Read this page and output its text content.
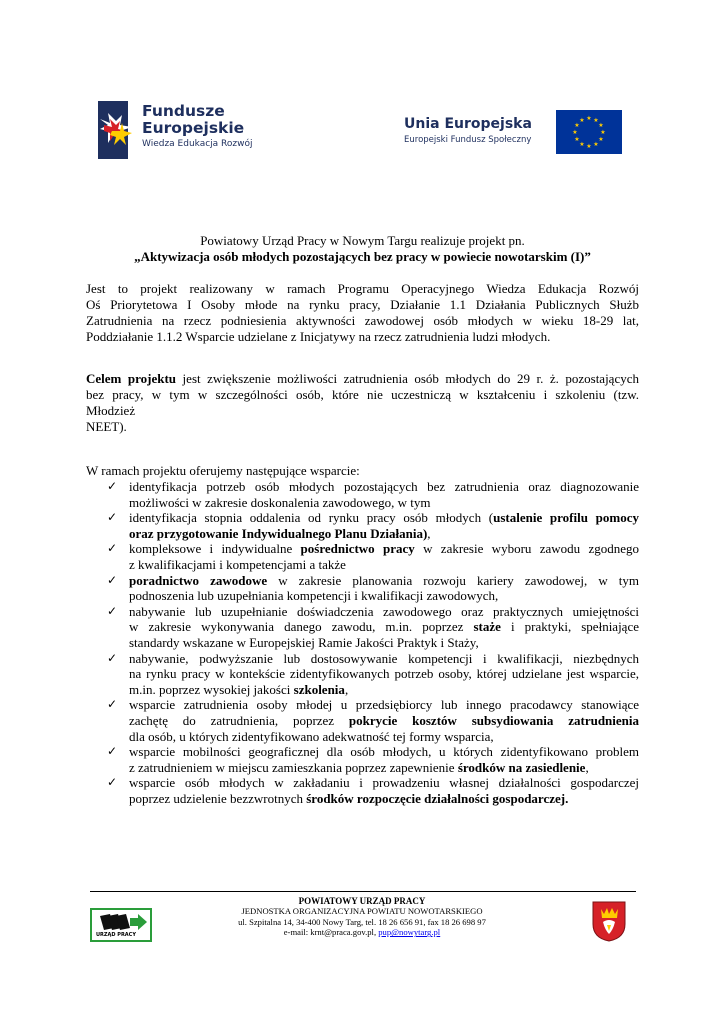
Fundusze
Europejskie
Wiedza Edukacja Rozwój
Unia Europejska
Europejski Fundusz Społeczny
★ ★
★
★
★
★
★
★
★
★
★
★
Powiatowy Urząd Pracy w Nowym Targu realizuje projekt pn.
„Aktywizacja osób młodych pozostających bez pracy w powiecie nowotarskim (I)”
Jest to projekt realizowany w ramach Programu Operacyjnego Wiedza Edukacja Rozwój
Oś Priorytetowa I Osoby młode na rynku pracy, Działanie 1.1 Działania Publicznych Służb
Zatrudnienia na rzecz podniesienia aktywności zawodowej osób młodych w wieku 18-29 lat,
Poddziałanie 1.1.2 Wsparcie udzielane z Inicjatywy na rzecz zatrudnienia ludzi młodych.
Celem projektu jest zwiększenie możliwości zatrudnienia osób młodych do 29 r. ż. pozostających
bez pracy, w tym w szczególności osób, które nie uczestniczą w kształceniu i szkoleniu (tzw.
Młodzież
NEET).
W ramach projektu oferujemy następujące wsparcie:
✓ identyfikacja potrzeb osób młodych pozostających bez zatrudnienia oraz diagnozowanie
możliwości w zakresie doskonalenia zawodowego, w tym
✓ identyfikacja stopnia oddalenia od rynku pracy osób młodych (ustalenie profilu pomocy
oraz przygotowanie Indywidualnego Planu Działania),
✓ kompleksowe i indywidualne pośrednictwo pracy w zakresie wyboru zawodu zgodnego
z kwalifikacjami i kompetencjami a także
✓ poradnictwo zawodowe w zakresie planowania rozwoju kariery zawodowej, w tym
podnoszenia lub uzupełniania kompetencji i kwalifikacji zawodowych,
✓ nabywanie lub uzupełnianie doświadczenia zawodowego oraz praktycznych umiejętności
w zakresie wykonywania danego zawodu, m.in. poprzez staże i praktyki, spełniające
standardy wskazane w Europejskiej Ramie Jakości Praktyk i Staży,
✓ nabywanie, podwyższanie lub dostosowywanie kompetencji i kwalifikacji, niezbędnych
na rynku pracy w kontekście zidentyfikowanych potrzeb osoby, której udzielane jest wsparcie,
m.in. poprzez wysokiej jakości szkolenia,
✓ wsparcie zatrudnienia osoby młodej u przedsiębiorcy lub innego pracodawcy stanowiące
zachętę do zatrudnienia, poprzez pokrycie kosztów subsydiowania zatrudnienia
dla osób, u których zidentyfikowano adekwatność tej formy wsparcia,
✓ wsparcie mobilności geograficznej dla osób młodych, u których zidentyfikowano problem
z zatrudnieniem w miejscu zamieszkania poprzez zapewnienie środków na zasiedlenie,
✓ wsparcie osób młodych w zakładaniu i prowadzeniu własnej działalności gospodarczej
poprzez udzielenie bezzwrotnych środków rozpoczęcie działalności gospodarczej.
URZĄD PRACY
POWIATOWY URZĄD PRACY
JEDNOSTKA ORGANIZACYJNA POWIATU NOWOTARSKIEGO
ul. Szpitalna 14, 34-400 Nowy Targ, tel. 18 26 656 91, fax 18 26 698 97
e-mail: krnt@praca.gov.pl, pup@nowytarg.pl
